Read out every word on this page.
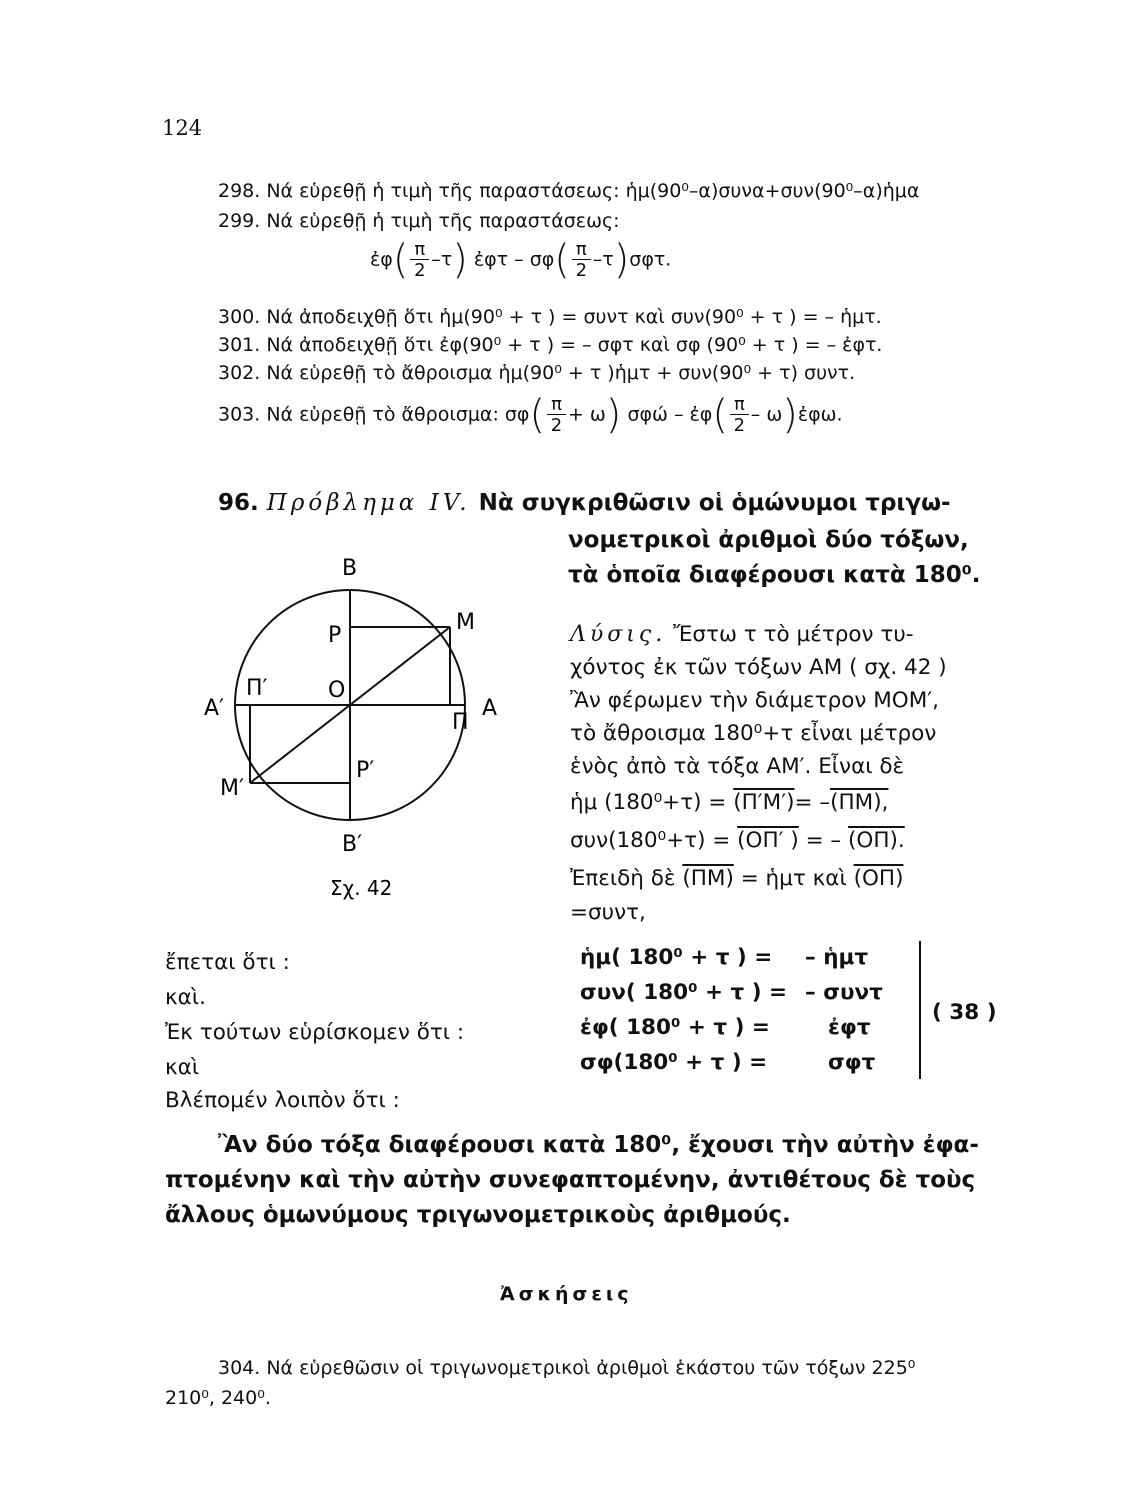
124
298. Νά εὑρεθῇ ἡ τιμὴ τῆς παραστάσεως: ἡμ(90⁰–α)συνα+συν(90⁰–α)ἡμα
299. Νά εὑρεθῇ ἡ τιμὴ τῆς παραστάσεως:
ἐφ( $\frac{\pi}{2} -\tau$) ἐφτ – $\sigma\varphi( \frac{\pi}{2} -\tau)\sigma\varphi\tau$.
300. Νά ἀποδειχθῇ ὅτι ἡμ(90⁰ + τ ) = συντ καὶ συν(90⁰ + τ ) = – ἡμτ.
301. Νά ἀποδειχθῇ ὅτι ἐφ(90⁰ + τ ) = – σφτ καὶ σφ (90⁰ + τ ) = – ἐφτ.
302. Νά εὑρεθῇ τὸ ἄθροισμα ἡμ(90⁰ + τ )ἡμτ + συν(90⁰ + τ) συντ.
303. Νά εὑρεθῇ τὸ ἄθροισμα: $\sigma\varphi( \frac{\pi}{2} + \omega)$ σφώ – ἐφ( $\frac{\pi}{2}$ – ω)ἐφω.
96. Πρόβλημα IV. Νὰ συγκριθῶσιν οἱ ὁμώνυμοι τριγω-
νομετρικοὶ ἀριθμοὶ δύο τόξων,
τὰ ὁποῖα διαφέρουσι κατὰ 180⁰.
B
P
M
A′
Π′	O
Π
A
M′
P′
B′
Σχ. 42
Λύσις. Ἔστω τ τὸ μέτρον τυ-
χόντος ἐκ τῶν τόξων ΑΜ ( σχ. 42 )
Ἂν φέρωμεν τὴν διάμετρον ΜΟΜ′,
τὸ ἄθροισμα 180⁰+τ εἶναι μέτρον
ἑνὸς ἀπὸ τὰ τόξα ΑΜ′. Εἶναι δὲ
ἡμ (180⁰+τ) = (Π′Μ′)= –(ΠΜ),
συν(180⁰+τ) = (ΟΠ′ ) = – (ΟΠ).
Ἐπειδὴ δὲ (ΠΜ) = ἡμτ καὶ (ΟΠ)
=συντ,
ἔπεται ὅτι :
καὶ.
Ἐκ τούτων εὑρίσκομεν ὅτι :
καὶ
Βλέπομέν λοιπὸν ὅτι :
ἡμ( 180⁰ + τ ) = – ἡμτ
συν( 180⁰ + τ ) = – συντ
ἐφ( 180⁰ + τ ) =	ἐφτ
σφ(180⁰ + τ ) =	σφτ
( 38 )
Ἂν δύο τόξα διαφέρουσι κατὰ 180⁰, ἔχουσι τὴν αὐτὴν ἐφα-
πτομένην καὶ τὴν αὐτὴν συνεφαπτομένην, ἀντιθέτους δὲ τοὺς
ἄλλους ὁμωνύμους τριγωνομετρικοὺς ἀριθμούς.
Ἀσκήσεις
304. Νά εὑρεθῶσιν οἱ τριγωνομετρικοὶ ἀριθμοὶ ἑκάστου τῶν τόξων 225⁰
210⁰, 240⁰.
